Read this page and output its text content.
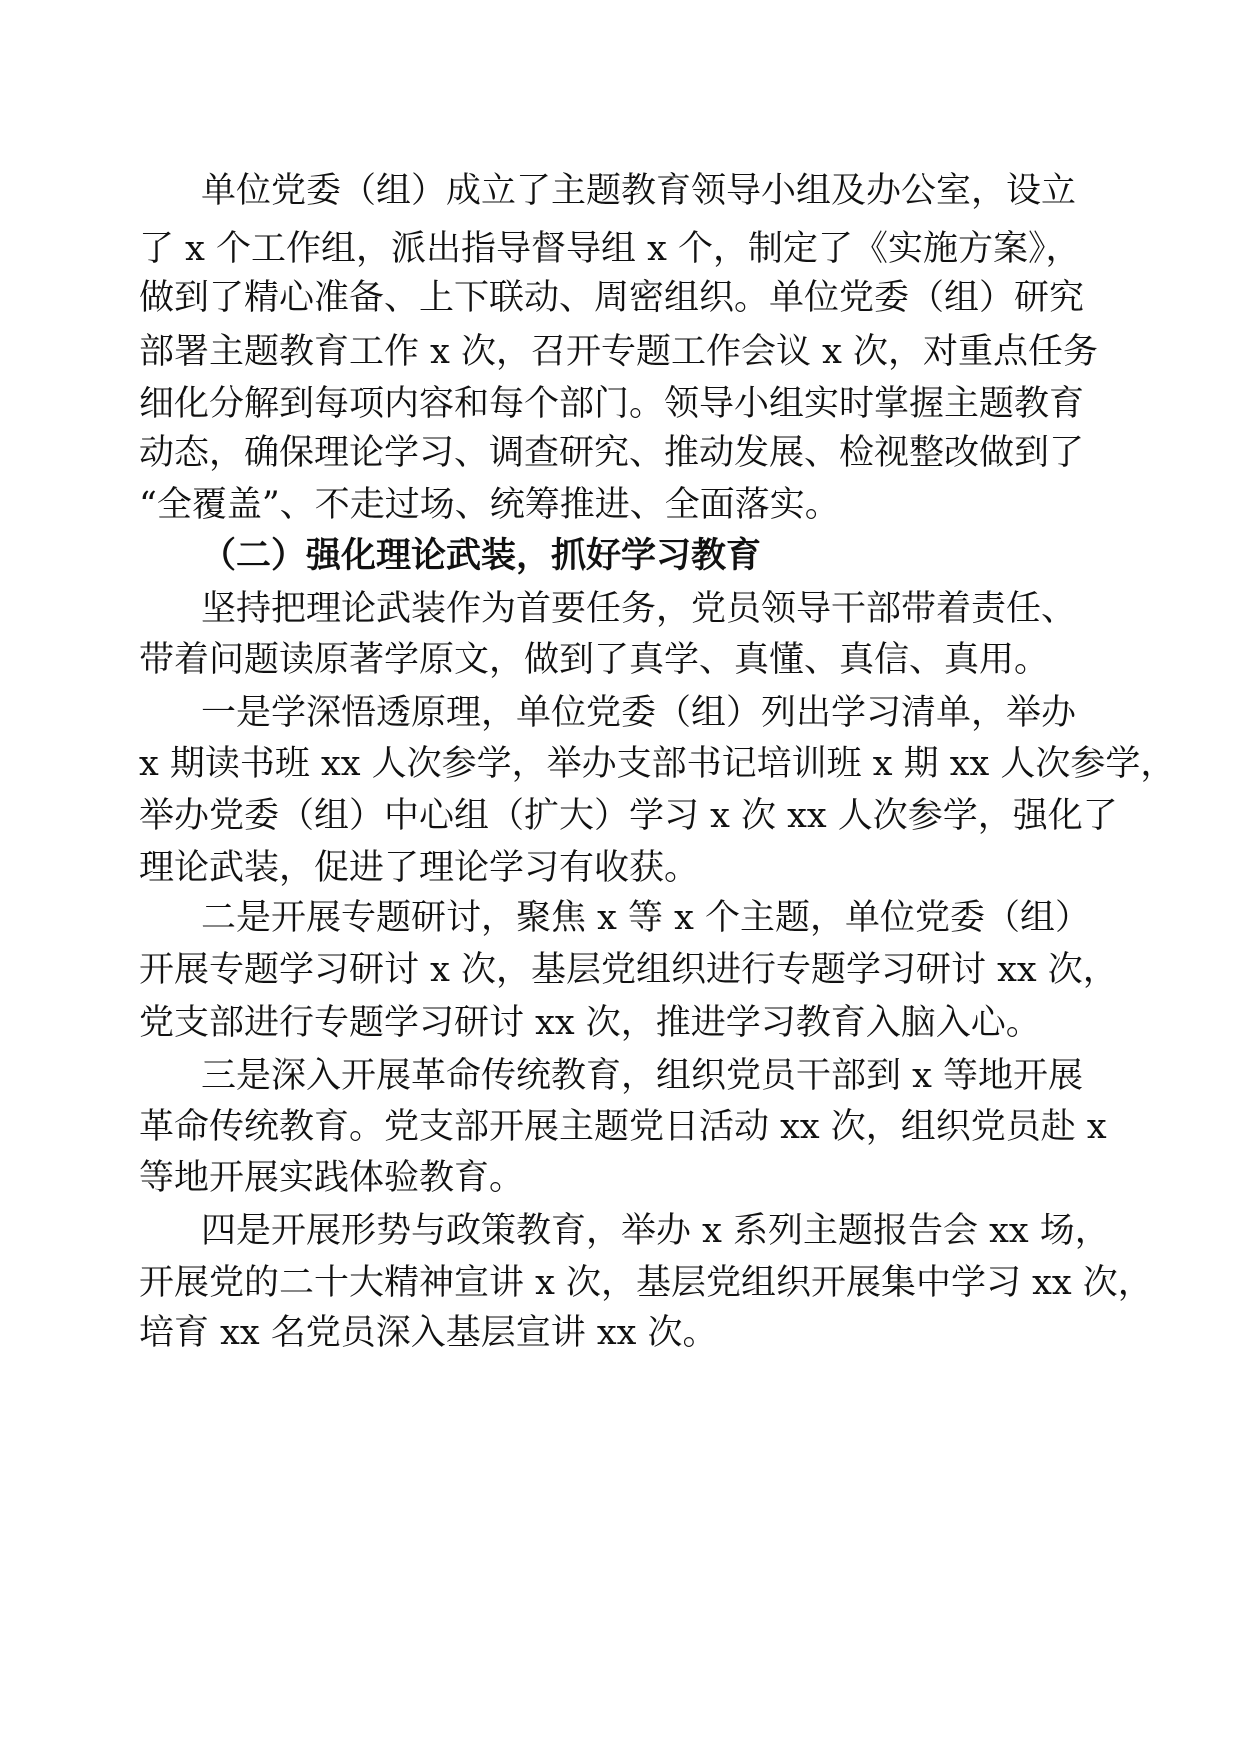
单位党委（组）成立了主题教育领导小组及办公室，设立

了 x 个工作组，派出指导督导组 x 个，制定了《实施方案》，

做到了精心准备、上下联动、周密组织。单位党委（组）研究

部署主题教育工作 x 次，召开专题工作会议 x 次，对重点任务

细化分解到每项内容和每个部门。领导小组实时掌握主题教育

动态，确保理论学习、调查研究、推动发展、检视整改做到了

“全覆盖”、不走过场、统筹推进、全面落实。

（二）强化理论武装，抓好学习教育

坚持把理论武装作为首要任务，党员领导干部带着责任、

带着问题读原著学原文，做到了真学、真懂、真信、真用。

一是学深悟透原理，单位党委（组）列出学习清单，举办

x 期读书班 xx 人次参学，举办支部书记培训班 x 期 xx 人次参学，

举办党委（组）中心组（扩大）学习 x 次 xx 人次参学，强化了

理论武装，促进了理论学习有收获。

二是开展专题研讨，聚焦 x 等 x 个主题，单位党委（组）

开展专题学习研讨 x 次，基层党组织进行专题学习研讨 xx 次，

党支部进行专题学习研讨 xx 次，推进学习教育入脑入心。

三是深入开展革命传统教育，组织党员干部到 x 等地开展

革命传统教育。党支部开展主题党日活动 xx 次，组织党员赴 x

等地开展实践体验教育。

四是开展形势与政策教育，举办 x 系列主题报告会 xx 场，

开展党的二十大精神宣讲 x 次，基层党组织开展集中学习 xx 次，

培育 xx 名党员深入基层宣讲 xx 次。
